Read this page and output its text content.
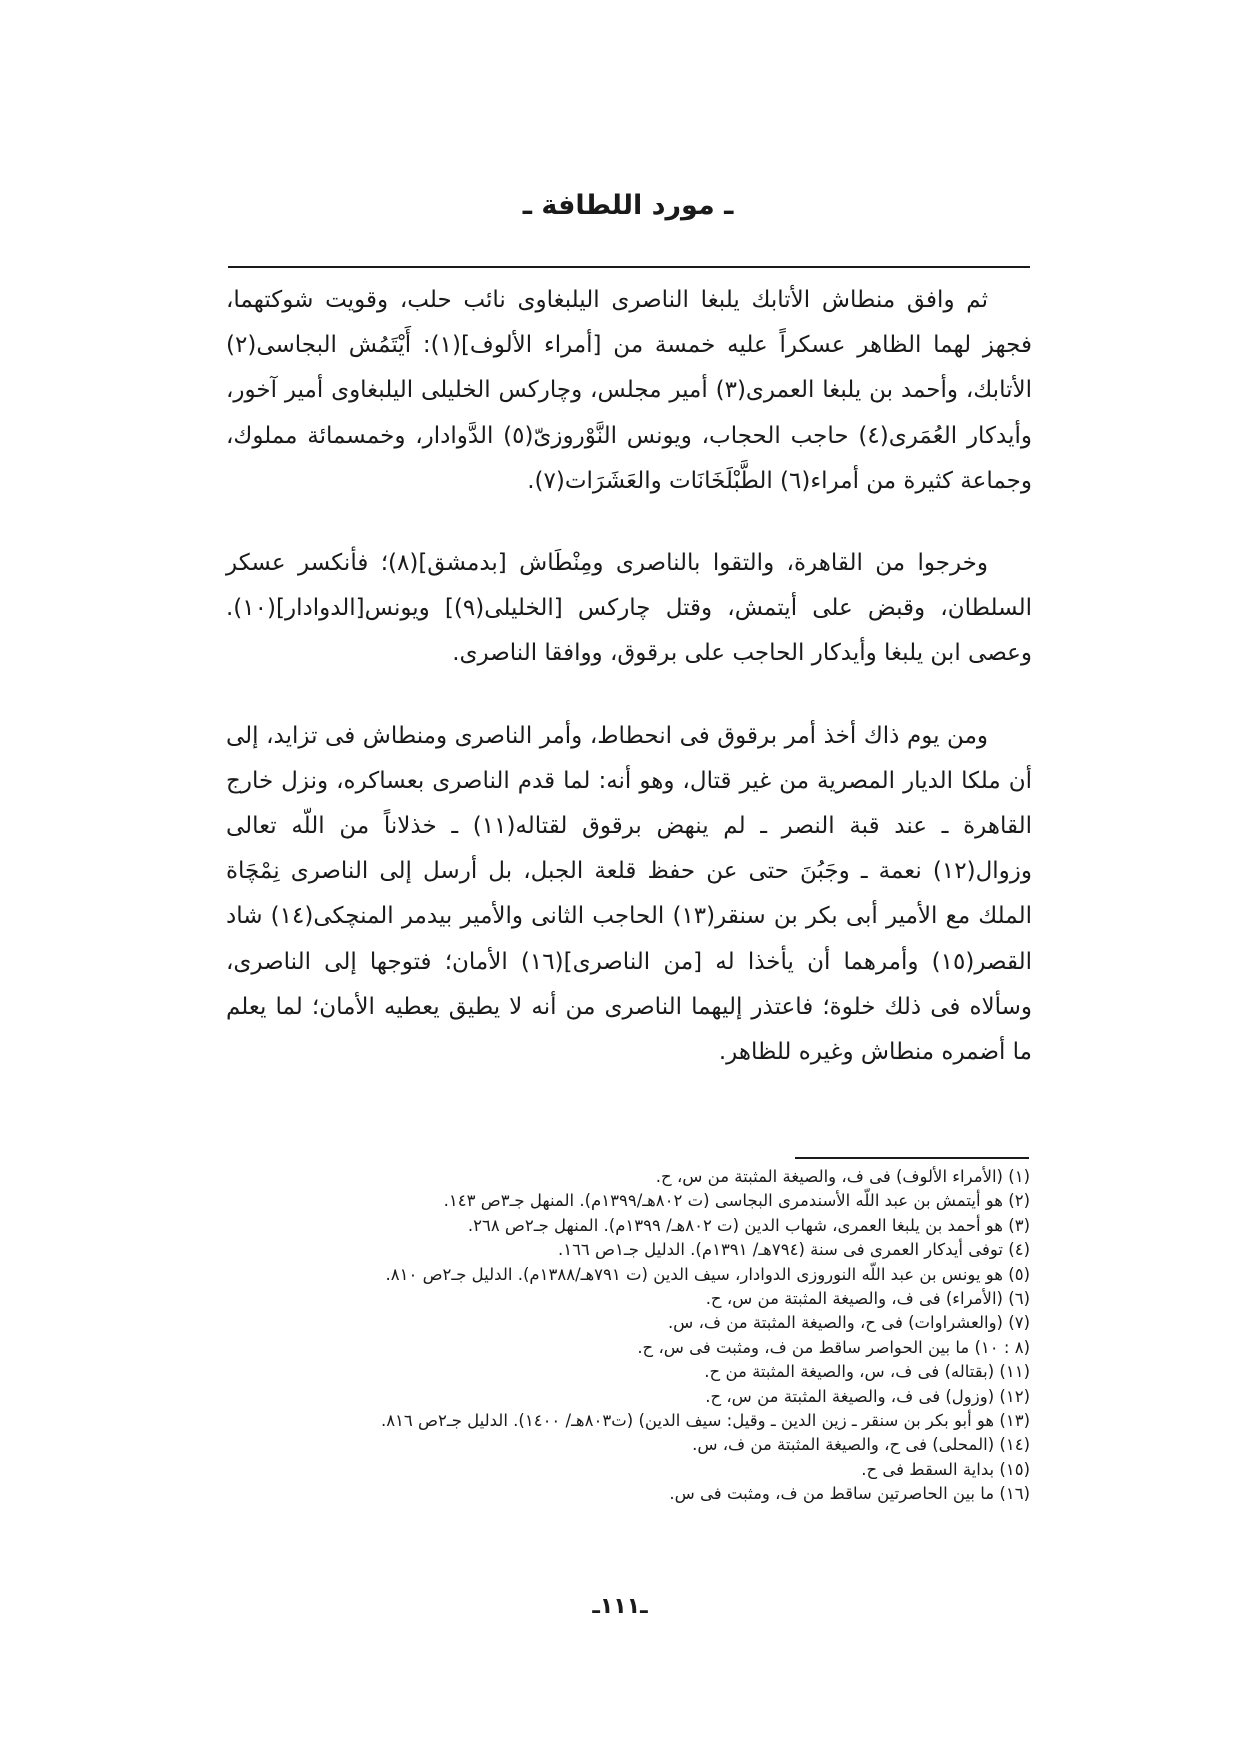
ـ مورد اللطافة ـ

ثم وافق منطاش الأتابك يلبغا الناصرى اليلبغاوى نائب حلب، وقويت شوكتهما، فجهز لهما الظاهر عسكراً عليه خمسة من [أمراء الألوف](١): أَيْتَمُش البجاسى(٢) الأتابك، وأحمد بن يلبغا العمرى(٣) أمير مجلس، وچاركس الخليلى اليلبغاوى أمير آخور، وأيدكار العُمَرى(٤) حاجب الحجاب، ويونس النَّوْروزىّ(٥) الدَّوادار، وخمسمائة مملوك، وجماعة كثيرة من أمراء(٦) الطَّبْلَخَانَات والعَشَرَات(٧).

وخرجوا من القاهرة، والتقوا بالناصرى ومِنْطَاش [بدمشق](٨)؛ فأنكسر عسكر السلطان، وقبض على أيتمش، وقتل چاركس [الخليلى(٩)] ويونس[الدوادار](١٠). وعصى ابن يلبغا وأيدكار الحاجب على برقوق، ووافقا الناصرى.

ومن يوم ذاك أخذ أمر برقوق فى انحطاط، وأمر الناصرى ومنطاش فى تزايد، إلى أن ملكا الديار المصرية من غير قتال، وهو أنه: لما قدم الناصرى بعساكره، ونزل خارج القاهرة ـ عند قبة النصر ـ لم ينهض برقوق لقتاله(١١) ـ خذلاناً من اللّه تعالى وزوال(١٢) نعمة ـ وجَبُنَ حتى عن حفظ قلعة الجبل، بل أرسل إلى الناصرى نِمْچَاة الملك مع الأمير أبى بكر بن سنقر(١٣) الحاجب الثانى والأمير بيدمر المنچكى(١٤) شاد القصر(١٥) وأمرهما أن يأخذا له [من الناصرى](١٦) الأمان؛ فتوجها إلى الناصرى، وسألاه فى ذلك خلوة؛ فاعتذر إليهما الناصرى من أنه لا يطيق يعطيه الأمان؛ لما يعلم ما أضمره منطاش وغيره للظاهر.

(١) (الأمراء الألوف) فى ف، والصيغة المثبتة من س، ح.

(٢) هو أيتمش بن عبد اللّه الأسندمرى البجاسى (ت ٨٠٢هـ/١٣٩٩م). المنهل جـ٣ص ١٤٣.

(٣) هو أحمد بن يلبغا العمرى، شهاب الدين (ت ٨٠٢هـ/ ١٣٩٩م). المنهل جـ٢ص ٢٦٨.

(٤) توفى أيدكار العمرى فى سنة (٧٩٤هـ/ ١٣٩١م). الدليل جـ١ص ١٦٦.

(٥) هو يونس بن عبد اللّه النوروزى الدوادار، سيف الدين (ت ٧٩١هـ/١٣٨٨م). الدليل جـ٢ص ٨١٠.

(٦) (الأمراء) فى ف، والصيغة المثبتة من س، ح.

(٧) (والعشراوات) فى ح، والصيغة المثبتة من ف، س.

(٨ : ١٠) ما بين الحواصر ساقط من ف، ومثبت فى س، ح.

(١١) (بقتاله) فى ف، س، والصيغة المثبتة من ح.

(١٢) (وزول) فى ف، والصيغة المثبتة من س، ح.

(١٣) هو أبو بكر بن سنقر ـ زين الدين ـ وقيل: سيف الدين) (ت٨٠٣هـ/ ١٤٠٠). الدليل جـ٢ص ٨١٦.

(١٤) (المحلى) فى ح، والصيغة المثبتة من ف، س.

(١٥) بداية السقط فى ح.

(١٦) ما بين الحاصرتين ساقط من ف، ومثبت فى س.

ـ١١١ـ
